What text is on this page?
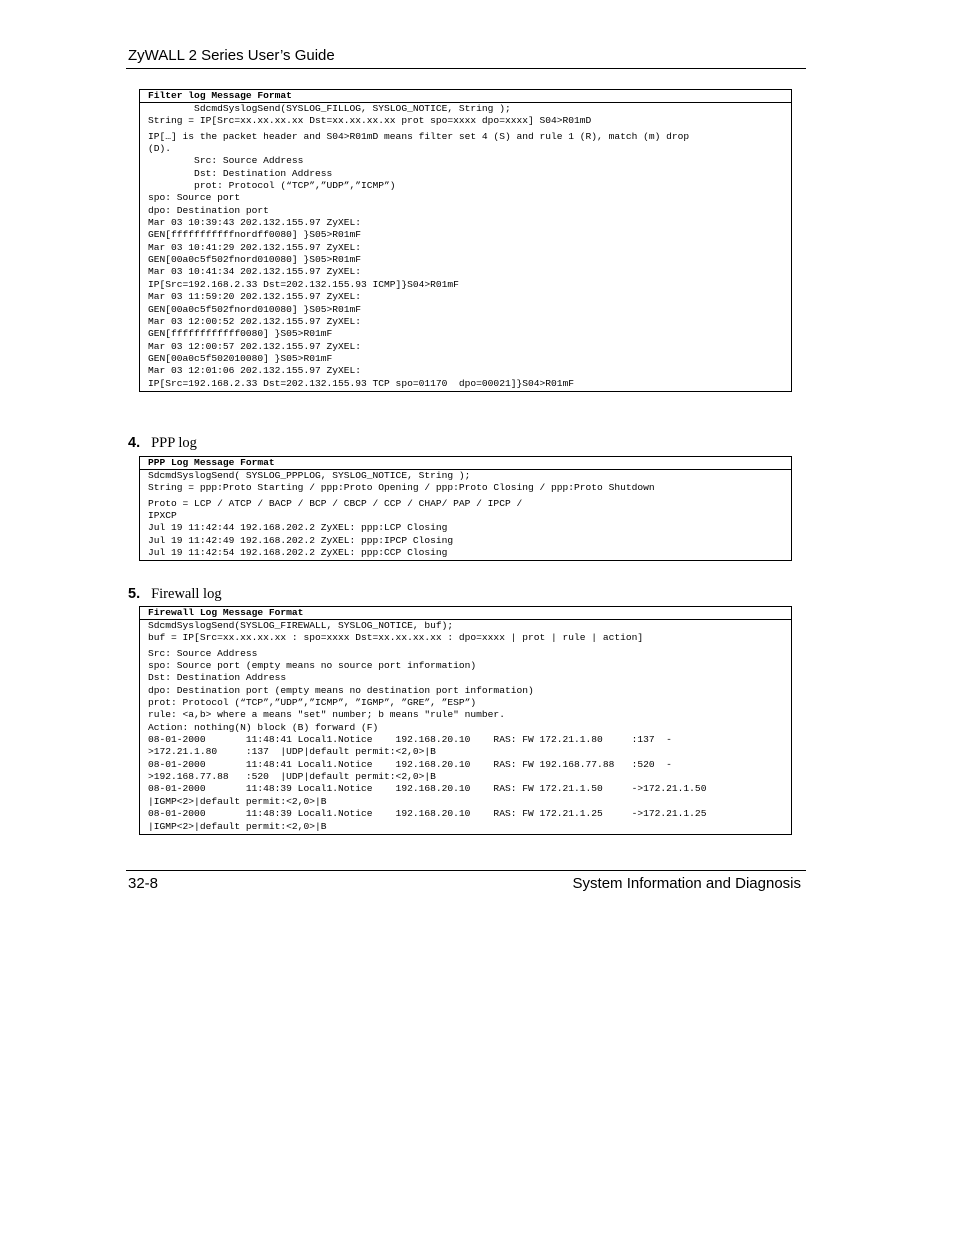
ZyWALL 2 Series User’s Guide
Filter log Message Format
SdcmdSyslogSend(SYSLOG_FILLOG, SYSLOG_NOTICE, String );
String = IP[Src=xx.xx.xx.xx Dst=xx.xx.xx.xx prot spo=xxxx dpo=xxxx] S04>R01mD
IP[…] is the packet header and S04>R01mD means filter set 4 (S) and rule 1 (R), match (m) drop
(D).
Src: Source Address
Dst: Destination Address
prot: Protocol (“TCP”,”UDP”,”ICMP”)
spo: Source port
dpo: Destination port
Mar 03 10:39:43 202.132.155.97 ZyXEL:
GEN[fffffffffffnordff0080] }S05>R01mF
Mar 03 10:41:29 202.132.155.97 ZyXEL:
GEN[00a0c5f502fnord010080] }S05>R01mF
Mar 03 10:41:34 202.132.155.97 ZyXEL:
IP[Src=192.168.2.33 Dst=202.132.155.93 ICMP]}S04>R01mF
Mar 03 11:59:20 202.132.155.97 ZyXEL:
GEN[00a0c5f502fnord010080] }S05>R01mF
Mar 03 12:00:52 202.132.155.97 ZyXEL:
GEN[ffffffffffff0080] }S05>R01mF
Mar 03 12:00:57 202.132.155.97 ZyXEL:
GEN[00a0c5f502010080] }S05>R01mF
Mar 03 12:01:06 202.132.155.97 ZyXEL:
IP[Src=192.168.2.33 Dst=202.132.155.93 TCP spo=01170  dpo=00021]}S04>R01mF
4. PPP log
PPP Log Message Format
SdcmdSyslogSend( SYSLOG_PPPLOG, SYSLOG_NOTICE, String );
String = ppp:Proto Starting / ppp:Proto Opening / ppp:Proto Closing / ppp:Proto Shutdown
Proto = LCP / ATCP / BACP / BCP / CBCP / CCP / CHAP/ PAP / IPCP /
IPXCP
Jul 19 11:42:44 192.168.202.2 ZyXEL: ppp:LCP Closing
Jul 19 11:42:49 192.168.202.2 ZyXEL: ppp:IPCP Closing
Jul 19 11:42:54 192.168.202.2 ZyXEL: ppp:CCP Closing
5. Firewall log
Firewall Log Message Format
SdcmdSyslogSend(SYSLOG_FIREWALL, SYSLOG_NOTICE, buf);
buf = IP[Src=xx.xx.xx.xx : spo=xxxx Dst=xx.xx.xx.xx : dpo=xxxx | prot | rule | action]
Src: Source Address
spo: Source port (empty means no source port information)
Dst: Destination Address
dpo: Destination port (empty means no destination port information)
prot: Protocol (“TCP”,”UDP”,”ICMP”, ”IGMP”, ”GRE”, ”ESP”)
rule: <a,b> where a means "set" number; b means "rule" number.
Action: nothing(N) block (B) forward (F)
08-01-2000       11:48:41 Local1.Notice    192.168.20.10    RAS: FW 172.21.1.80     :137  -
>172.21.1.80     :137  |UDP|default permit:<2,0>|B
08-01-2000       11:48:41 Local1.Notice    192.168.20.10    RAS: FW 192.168.77.88   :520  -
>192.168.77.88   :520  |UDP|default permit:<2,0>|B
08-01-2000       11:48:39 Local1.Notice    192.168.20.10    RAS: FW 172.21.1.50     ->172.21.1.50
|IGMP<2>|default permit:<2,0>|B
08-01-2000       11:48:39 Local1.Notice    192.168.20.10    RAS: FW 172.21.1.25     ->172.21.1.25
|IGMP<2>|default permit:<2,0>|B
32-8	System Information and Diagnosis
